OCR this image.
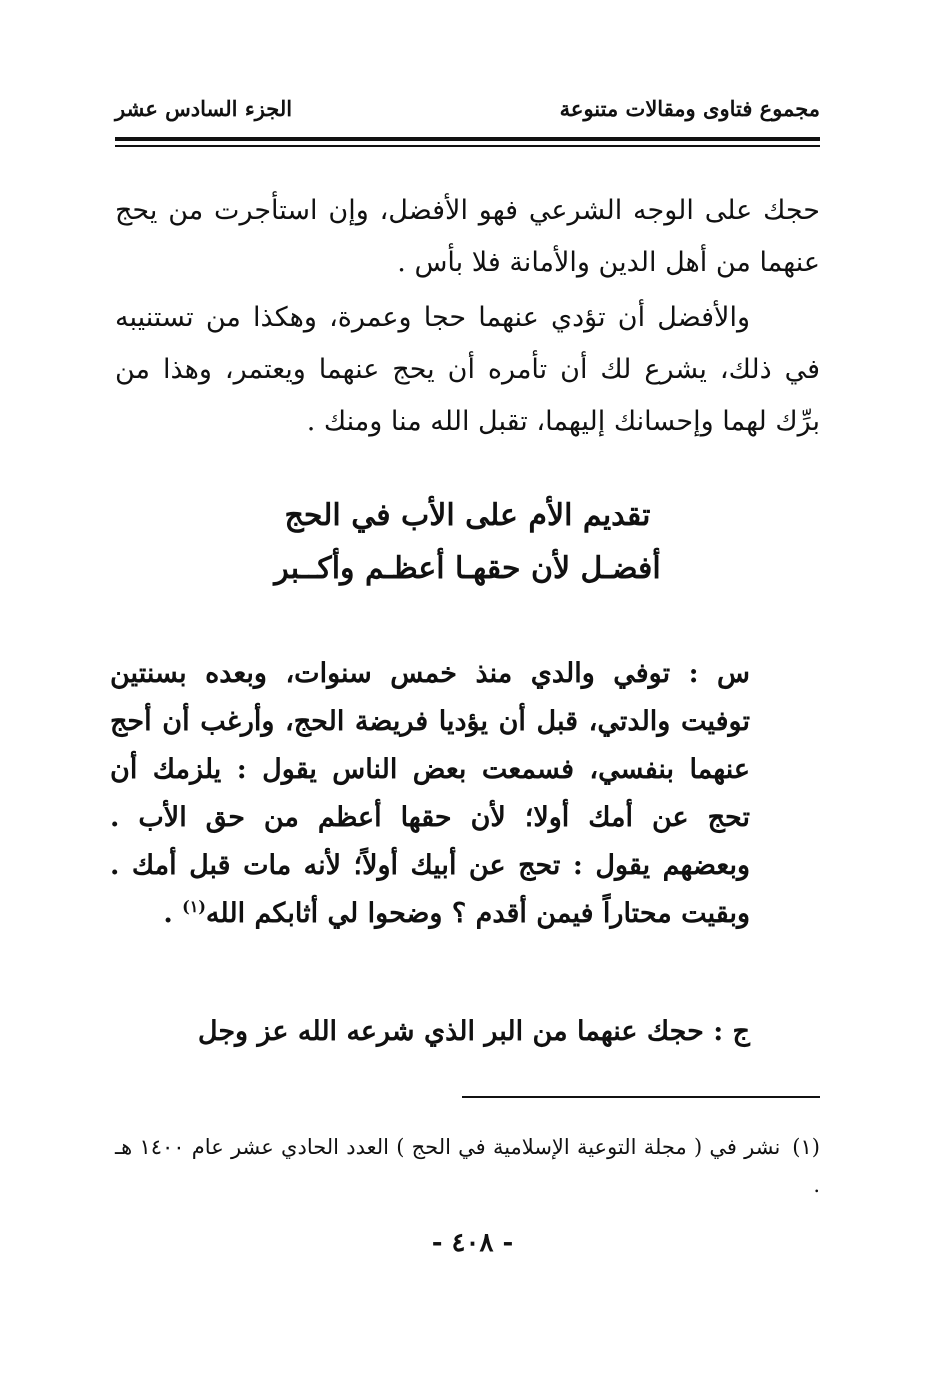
مجموع فتاوى ومقالات متنوعة
الجزء السادس عشر

حجك على الوجه الشرعي فهو الأفضل، وإن استأجرت من يحج عنهما من أهل الدين والأمانة فلا بأس .

والأفضل أن تؤدي عنهما حجا وعمرة، وهكذا من تستنيبه في ذلك، يشرع لك أن تأمره أن يحج عنهما ويعتمر، وهذا من برِّك لهما وإحسانك إليهما، تقبل الله منا ومنك .

تقديم الأم على الأب في الحج
أفضـل لأن حقهـا أعظـم وأكــبر

س : توفي والدي منذ خمس سنوات، وبعده بسنتين توفيت والدتي، قبل أن يؤديا فريضة الحج، وأرغب أن أحج عنهما بنفسي، فسمعت بعض الناس يقول : يلزمك أن تحج عن أمك أولا؛ لأن حقها أعظم من حق الأب . وبعضهم يقول : تحج عن أبيك أولاً؛ لأنه مات قبل أمك . وبقيت محتاراً فيمن أقدم ؟ وضحوا لي أثابكم الله$^{(١)}$ .

ج : حجك عنهما من البر الذي شرعه الله عز وجل

(١)نشر في ( مجلة التوعية الإسلامية في الحج ) العدد الحادي عشر عام ١٤٠٠ هـ .

- ٤٠٨ -
